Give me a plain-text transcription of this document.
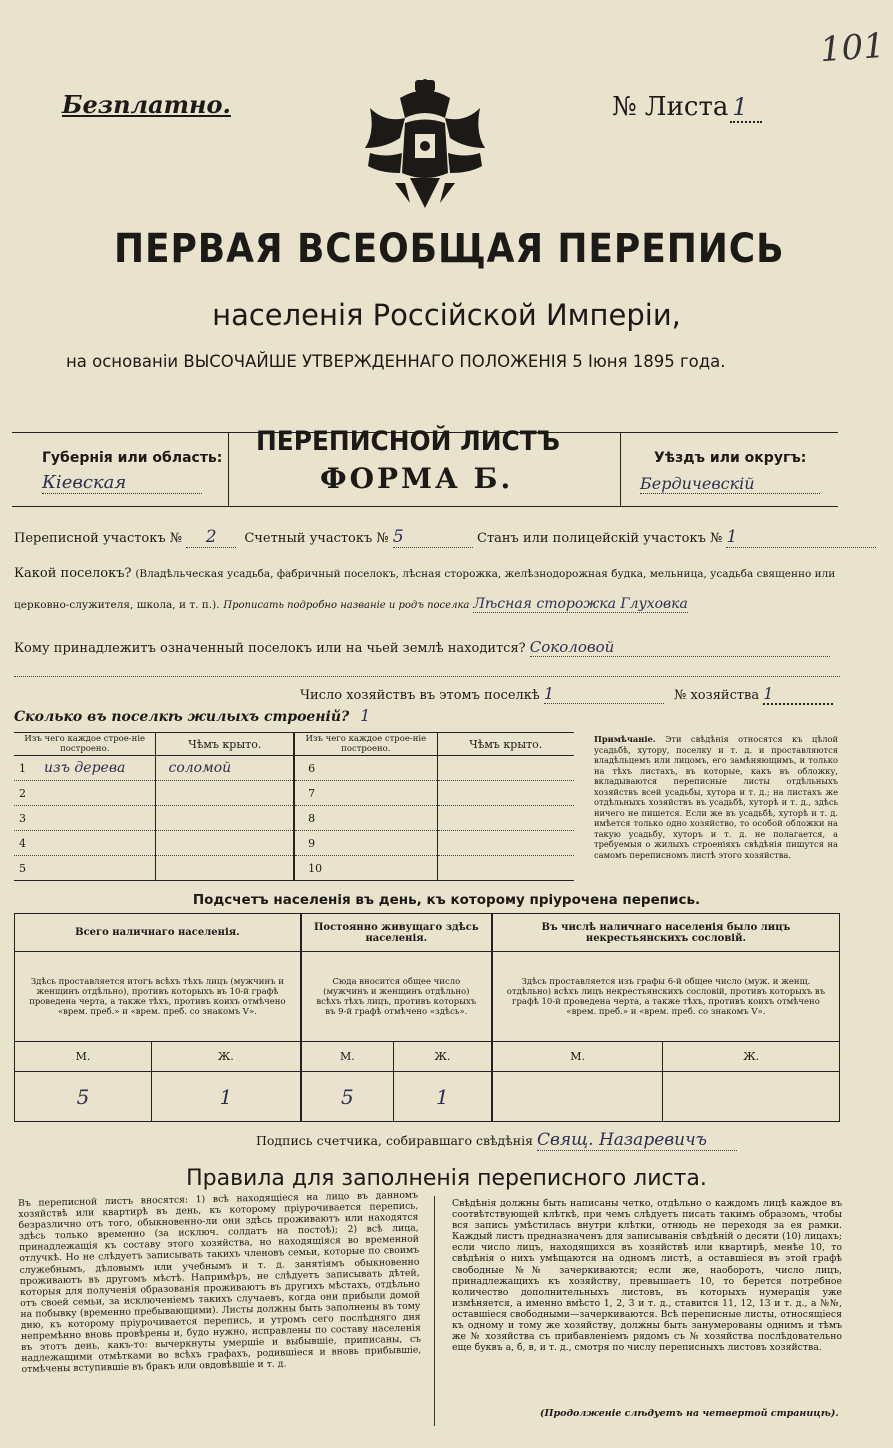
101
Безплатно.	№ Листа 1
ПЕРВАЯ ВСЕОБЩАЯ ПЕРЕПИСЬ
населенія Россійской Имперіи,
на основаніи ВЫСОЧАЙШЕ УТВЕРЖДЕННАГО ПОЛОЖЕНІЯ 5 Іюня 1895 года.
Губернія или область:
Кіевская
ПЕРЕПИСНОЙ ЛИСТЪ
ФОРМА Б.
Уѣздъ или округъ:
Бердичевскій
Переписной участокъ № 2 Счетный участокъ № 5	Станъ или полицейскій участокъ № 1
Какой поселокъ? (Владѣльческая усадьба, фабричный поселокъ, лѣсная сторожка, желѣзнодорожная будка, мельница, усадьба священно или церковно-служителя, школа, и т. п.). Прописать подробно названіе и родъ поселка Лѣсная сторожка Глуховка
Кому принадлежитъ означенный поселокъ или на чьей землѣ находится? Соколовой
Число хозяйствъ въ этомъ поселкѣ 1	№ хозяйства 1
Сколько въ поселкѣ жилыхъ строеній? 1
Изъ чего каждое строе-ніе построено.	Чѣмъ крыто.	Изъ чего каждое строе-ніе построено.	Чѣмъ крыто.
1 изъ дерева	соломой	6	
2		7	
3		8	
4		9	
5		10	
Примѣчаніе. Эти свѣдѣнія относятся къ цѣлой усадьбѣ, хутору, поселку и т. д. и проставляются владѣльцемъ или лицомъ, его замѣняющимъ, и только на тѣхъ листахъ, въ которые, какъ въ обложку, вкладываются переписные листы отдѣльныхъ хозяйствъ всей усадьбы, хутора и т. д.; на листахъ же отдѣльныхъ хозяйствъ въ усадьбѣ, хуторѣ и т. д., здѣсь ничего не пишется. Если же въ усадьбѣ, хуторѣ и т. д. имѣется только одно хозяйство, то особой обложки на такую усадьбу, хуторъ и т. д. не полагается, а требуемыя о жилыхъ строеніяхъ свѣдѣнія пишутся на самомъ переписномъ листѣ этого хозяйства.
Подсчетъ населенія въ день, къ которому пріурочена перепись.
Всего наличнаго населенія.		Постоянно живущаго здѣсь населенія.		Въ числѣ наличнаго населенія было лицъ некрестьянскихъ сословій.	
Здѣсь проставляется итогъ всѣхъ тѣхъ лицъ (мужчинъ и женщинъ отдѣльно), противъ которыхъ въ 10-й графѣ проведена черта, а также тѣхъ, противъ коихъ отмѣчено «врем. преб.» и «врем. преб. со знакомъ V».		Сюда вносится общее число (мужчинъ и женщинъ отдѣльно) всѣхъ тѣхъ лицъ, противъ которыхъ въ 9-й графѣ отмѣчено «здѣсь».		Здѣсь проставляется изъ графы 6-й общее число (муж. и женщ. отдѣльно) всѣхъ лицъ некрестьянскихъ сословій, противъ которыхъ въ графѣ 10-й проведена черта, а также тѣхъ, противъ коихъ отмѣчено «врем. преб.» и «врем. преб. со знакомъ V».	
М.	Ж.	М.	Ж.	М.	Ж.
5	1	5	1		
Подпись счетчика, собиравшаго свѣдѣнія Свящ. Назаревичъ
Правила для заполненія переписного листа.
Въ переписной листъ вносятся: 1) всѣ находящіеся на лицо въ данномъ хозяйствѣ или квартирѣ въ день, къ которому пріурочивается перепись, безразлично отъ того, обыкновенно-ли они здѣсь проживаютъ или находятся здѣсь только временно (за исключ. солдатъ на постоѣ); 2) всѣ лица, принадлежащія къ составу этого хозяйства, но находящіяся во временной отлучкѣ. Но не слѣдуетъ записывать такихъ членовъ семьи, которые по своимъ служебнымъ, дѣловымъ или учебнымъ и т. д. занятіямъ обыкновенно проживаютъ въ другомъ мѣстѣ. Напримѣръ, не слѣдуетъ записывать дѣтей, которыя для полученія образованія проживаютъ въ другихъ мѣстахъ, отдѣльно отъ своей семьи, за исключеніемъ такихъ случаевъ, когда они прибыли домой на побывку (временно пребывающими). Листы должны быть заполнены въ тому дню, къ которому пріурочивается перепись, и утромъ сего послѣдняго дня непремѣнно вновь провѣрены и, будо нужно, исправлены по составу населенія въ этотъ день, какъ-то: вычеркнуты умершіе и выбывшіе, приписаны, съ надлежащими отмѣтками во всѣхъ графахъ, родившіеся и вновь прибывшіе, отмѣчены вступившіе въ бракъ или овдовѣвшіе и т. д.
Свѣдѣнія должны быть написаны четко, отдѣльно о каждомъ лицѣ каждое въ соотвѣтствующей клѣткѣ, при чемъ слѣдуетъ писать такимъ образомъ, чтобы вся запись умѣстилась внутри клѣтки, отнюдь не переходя за ея рамки. Каждый листъ предназначенъ для записыванія свѣдѣній о десяти (10) лицахъ; если число лицъ, находящихся въ хозяйствѣ или квартирѣ, менѣе 10, то свѣдѣнія о нихъ умѣщаются на одномъ листѣ, а оставшіеся въ этой графѣ свободные №№ зачеркиваются; если же, наоборотъ, число лицъ, принадлежащихъ къ хозяйству, превышаетъ 10, то берется потребное количество дополнительныхъ листовъ, въ которыхъ нумерація уже измѣняется, а именно вмѣсто 1, 2, 3 и т. д., ставится 11, 12, 13 и т. д., а №№, оставшіеся свободными—зачеркиваются. Всѣ переписные листы, относящіеся къ одному и тому же хозяйству, должны быть занумерованы однимъ и тѣмъ же № хозяйства съ прибавленіемъ рядомъ съ № хозяйства послѣдовательно еще буквъ а, б, в, и т. д., смотря по числу переписныхъ листовъ хозяйства.
(Продолженіе слѣдуетъ на четвертой страницѣ).
